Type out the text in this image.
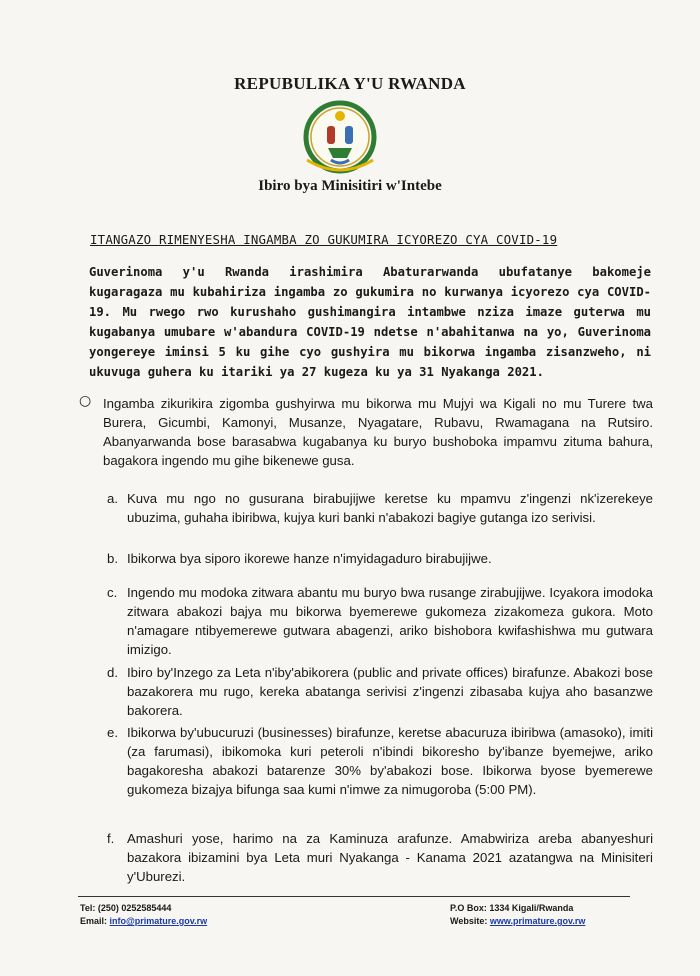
REPUBULIKA Y'U RWANDA
Ibiro bya Minisitiri w'Intebe
ITANGAZO RIMENYESHA INGAMBA ZO GUKUMIRA ICYOREZO CYA COVID-19

Guverinoma y'u Rwanda irashimira Abaturarwanda ubufatanye bakomeje kugaragaza mu kubahiriza ingamba zo gukumira no kurwanya icyorezo cya COVID-19. Mu rwego rwo kurushaho gushimangira intambwe nziza imaze guterwa mu kugabanya umubare w'abandura COVID-19 ndetse n'abahitanwa na yo, Guverinoma yongereye iminsi 5 ku gihe cyo gushyira mu bikorwa ingamba zisanzweho, ni ukuvuga guhera ku itariki ya 27 kugeza ku ya 31 Nyakanga 2021.

○ Ingamba zikurikira zigomba gushyirwa mu bikorwa mu Mujyi wa Kigali no mu Turere twa Burera, Gicumbi, Kamonyi, Musanze, Nyagatare, Rubavu, Rwamagana na Rutsiro. Abanyarwanda bose barasabwa kugabanya ku buryo bushoboka impamvu zituma bahura, bagakora ingendo mu gihe bikenewe gusa.

a. Kuva mu ngo no gusurana birabujijwe keretse ku mpamvu z'ingenzi nk'izerekeye ubuzima, guhaha ibiribwa, kujya kuri banki n'abakozi bagiye gutanga izo serivisi.

b. Ibikorwa bya siporo ikorewe hanze n'imyidagaduro birabujijwe.

c. Ingendo mu modoka zitwara abantu mu buryo bwa rusange zirabujijwe. Icyakora imodoka zitwara abakozi bajya mu bikorwa byemerewe gukomeza zizakomeza gukora. Moto n'amagare ntibyemerewe gutwara abagenzi, ariko bishobora kwifashishwa mu gutwara imizigo.

d. Ibiro by'Inzego za Leta n'iby'abikorera (public and private offices) birafunze. Abakozi bose bazakorera mu rugo, kereka abatanga serivisi z'ingenzi zibasaba kujya aho basanzwe bakorera.

e. Ibikorwa by'ubucuruzi (businesses) birafunze, keretse abacuruza ibiribwa (amasoko), imiti (za farumasi), ibikomoka kuri peteroli n'ibindi bikoresho by'ibanze byemejwe, ariko bagakoresha abakozi batarenze 30% by'abakozi bose. Ibikorwa byose byemerewe gukomeza bizajya bifunga saa kumi n'imwe za nimugoroba (5:00 PM).

f. Amashuri yose, harimo na za Kaminuza arafunze. Amabwiriza areba abanyeshuri bazakora ibizamini bya Leta muri Nyakanga - Kanama 2021 azatangwa na Minisiteri y'Uburezi.

Tel: (250) 0252585444
Email: info@primature.gov.rw
P.O Box: 1334 Kigali/Rwanda
Website: www.primature.gov.rw
